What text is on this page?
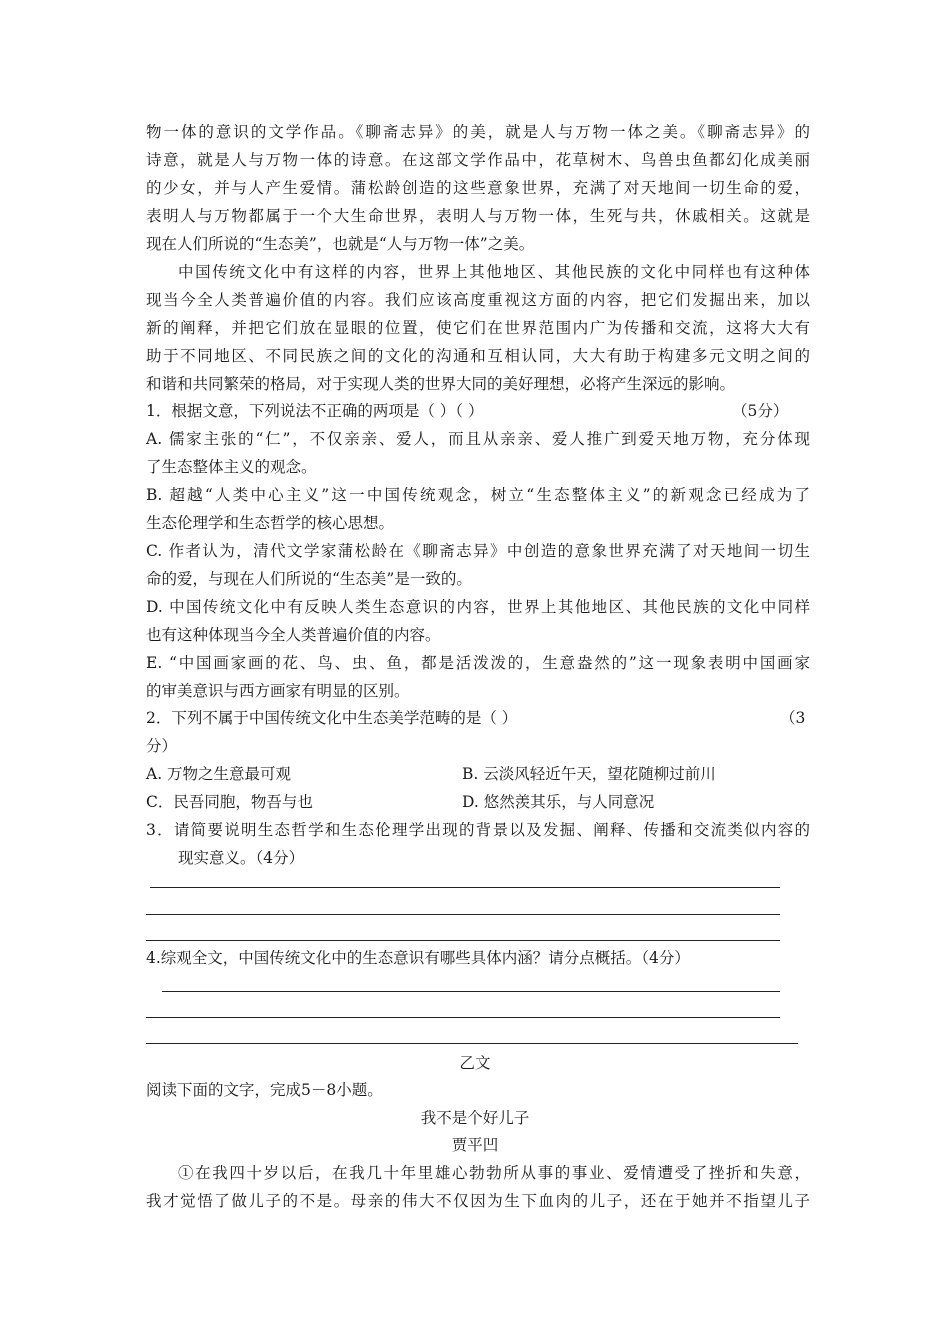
物一体的意识的文学作品。《聊斋志异》的美，就是人与万物一体之美。《聊斋志异》的
诗意，就是人与万物一体的诗意。在这部文学作品中，花草树木、鸟兽虫鱼都幻化成美丽
的少女，并与人产生爱情。蒲松龄创造的这些意象世界，充满了对天地间一切生命的爱，
表明人与万物都属于一个大生命世界，表明人与万物一体，生死与共，休戚相关。这就是
现在人们所说的“生态美”，也就是“人与万物一体”之美。
中国传统文化中有这样的内容，世界上其他地区、其他民族的文化中同样也有这种体
现当今全人类普遍价值的内容。我们应该高度重视这方面的内容，把它们发掘出来，加以
新的阐释，并把它们放在显眼的位置，使它们在世界范围内广为传播和交流，这将大大有
助于不同地区、不同民族之间的文化的沟通和互相认同，大大有助于构建多元文明之间的
和谐和共同繁荣的格局，对于实现人类的世界大同的美好理想，必将产生深远的影响。
1．根据文意，下列说法不正确的两项是（ ）（ ）	（5分）
A. 儒家主张的“仁”，不仅亲亲、爱人，而且从亲亲、爱人推广到爱天地万物，充分体现
了生态整体主义的观念。
B. 超越“人类中心主义”这一中国传统观念，树立“生态整体主义”的新观念已经成为了
生态伦理学和生态哲学的核心思想。
C. 作者认为，清代文学家蒲松龄在《聊斋志异》中创造的意象世界充满了对天地间一切生
命的爱，与现在人们所说的“生态美”是一致的。
D. 中国传统文化中有反映人类生态意识的内容，世界上其他地区、其他民族的文化中同样
也有这种体现当今全人类普遍价值的内容。
E. “中国画家画的花、鸟、虫、鱼，都是活泼泼的，生意盎然的”这一现象表明中国画家
的审美意识与西方画家有明显的区别。
2．下列不属于中国传统文化中生态美学范畴的是（ ）	（3
分）
A. 万物之生意最可观	B. 云淡风轻近午天，望花随柳过前川
C．民吾同胞，物吾与也	D. 悠然羡其乐，与人同意况
3．请简要说明生态哲学和生态伦理学出现的背景以及发掘、阐释、传播和交流类似内容的
现实意义。（4分）
4.综观全文，中国传统文化中的生态意识有哪些具体内涵？请分点概括。（4分）
乙文
阅读下面的文字，完成5－8小题。
我不是个好儿子
贾平凹
①在我四十岁以后，在我几十年里雄心勃勃所从事的事业、爱情遭受了挫折和失意，
我才觉悟了做儿子的不是。母亲的伟大不仅因为生下血肉的儿子，还在于她并不指望儿子
